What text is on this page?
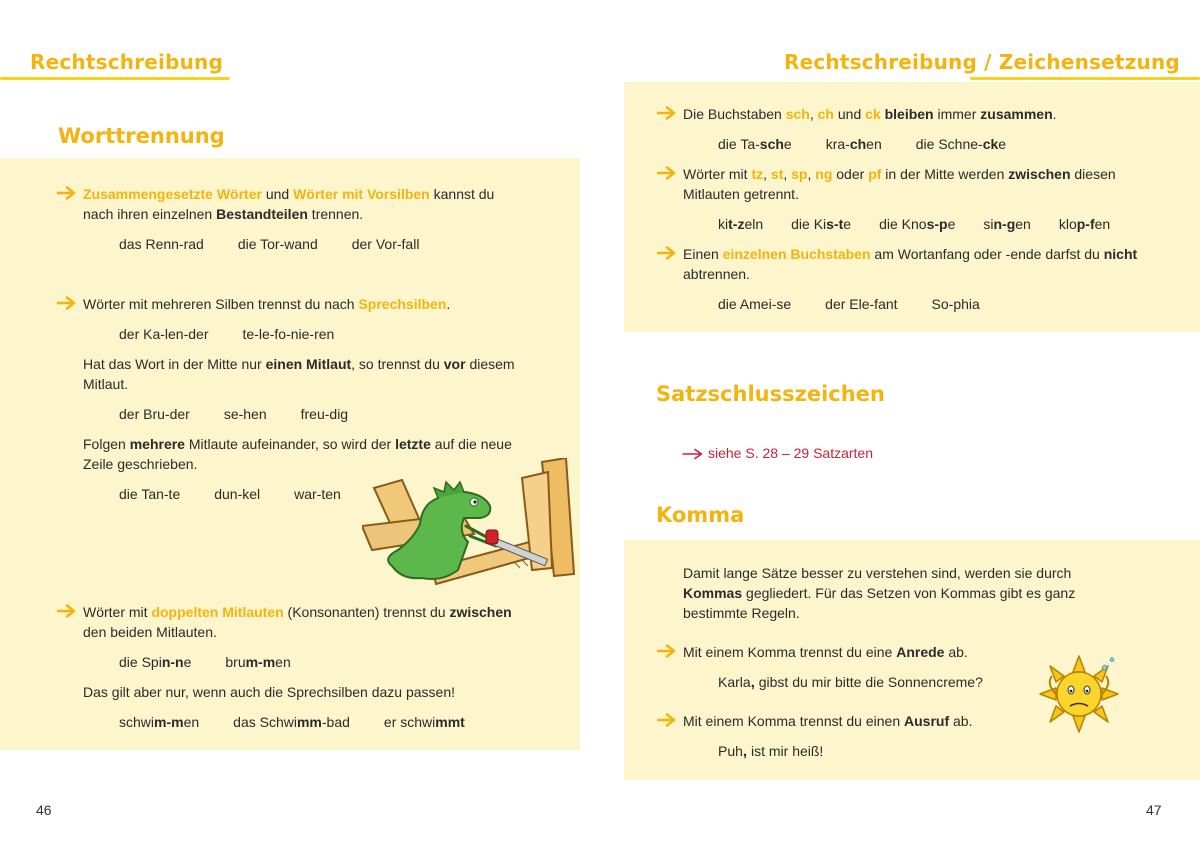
Rechtschreibung
Worttrennung
Zusammengesetzte Wörter und Wörter mit Vorsilben kannst du
nach ihren einzelnen Bestandteilen trennen.
das Renn-rad die Tor-wand der Vor-fall
Wörter mit mehreren Silben trennst du nach Sprechsilben.
der Ka-len-der te-le-fo-nie-ren
Hat das Wort in der Mitte nur einen Mitlaut, so trennst du vor diesem
Mitlaut.
der Bru-der se-hen freu-dig
Folgen mehrere Mitlaute aufeinander, so wird der letzte auf die neue
Zeile geschrieben.
die Tan-te dun-kel war-ten
Wörter mit doppelten Mitlauten (Konsonanten) trennst du zwischen
den beiden Mitlauten.
die Spin-ne brum-men
Das gilt aber nur, wenn auch die Sprechsilben dazu passen!
schwim-men das Schwimm-bad er schwimmt
46
Rechtschreibung / Zeichensetzung
Die Buchstaben sch, ch und ck bleiben immer zusammen.
die Ta-sche kra-chen die Schne-cke
Wörter mit tz, st, sp, ng oder pf in der Mitte werden zwischen diesen
Mitlauten getrennt.
kit-zeln die Kis-te die Knos-pe sin-gen klop-fen
Einen einzelnen Buchstaben am Wortanfang oder -ende darfst du nicht
abtrennen.
die Amei-se der Ele-fant So-phia
Satzschlusszeichen
siehe S. 28 – 29 Satzarten
Komma
Damit lange Sätze besser zu verstehen sind, werden sie durch
Kommas gegliedert. Für das Setzen von Kommas gibt es ganz
bestimmte Regeln.
Mit einem Komma trennst du eine Anrede ab.
Karla, gibst du mir bitte die Sonnencreme?
Mit einem Komma trennst du einen Ausruf ab.
Puh, ist mir heiß!
47
